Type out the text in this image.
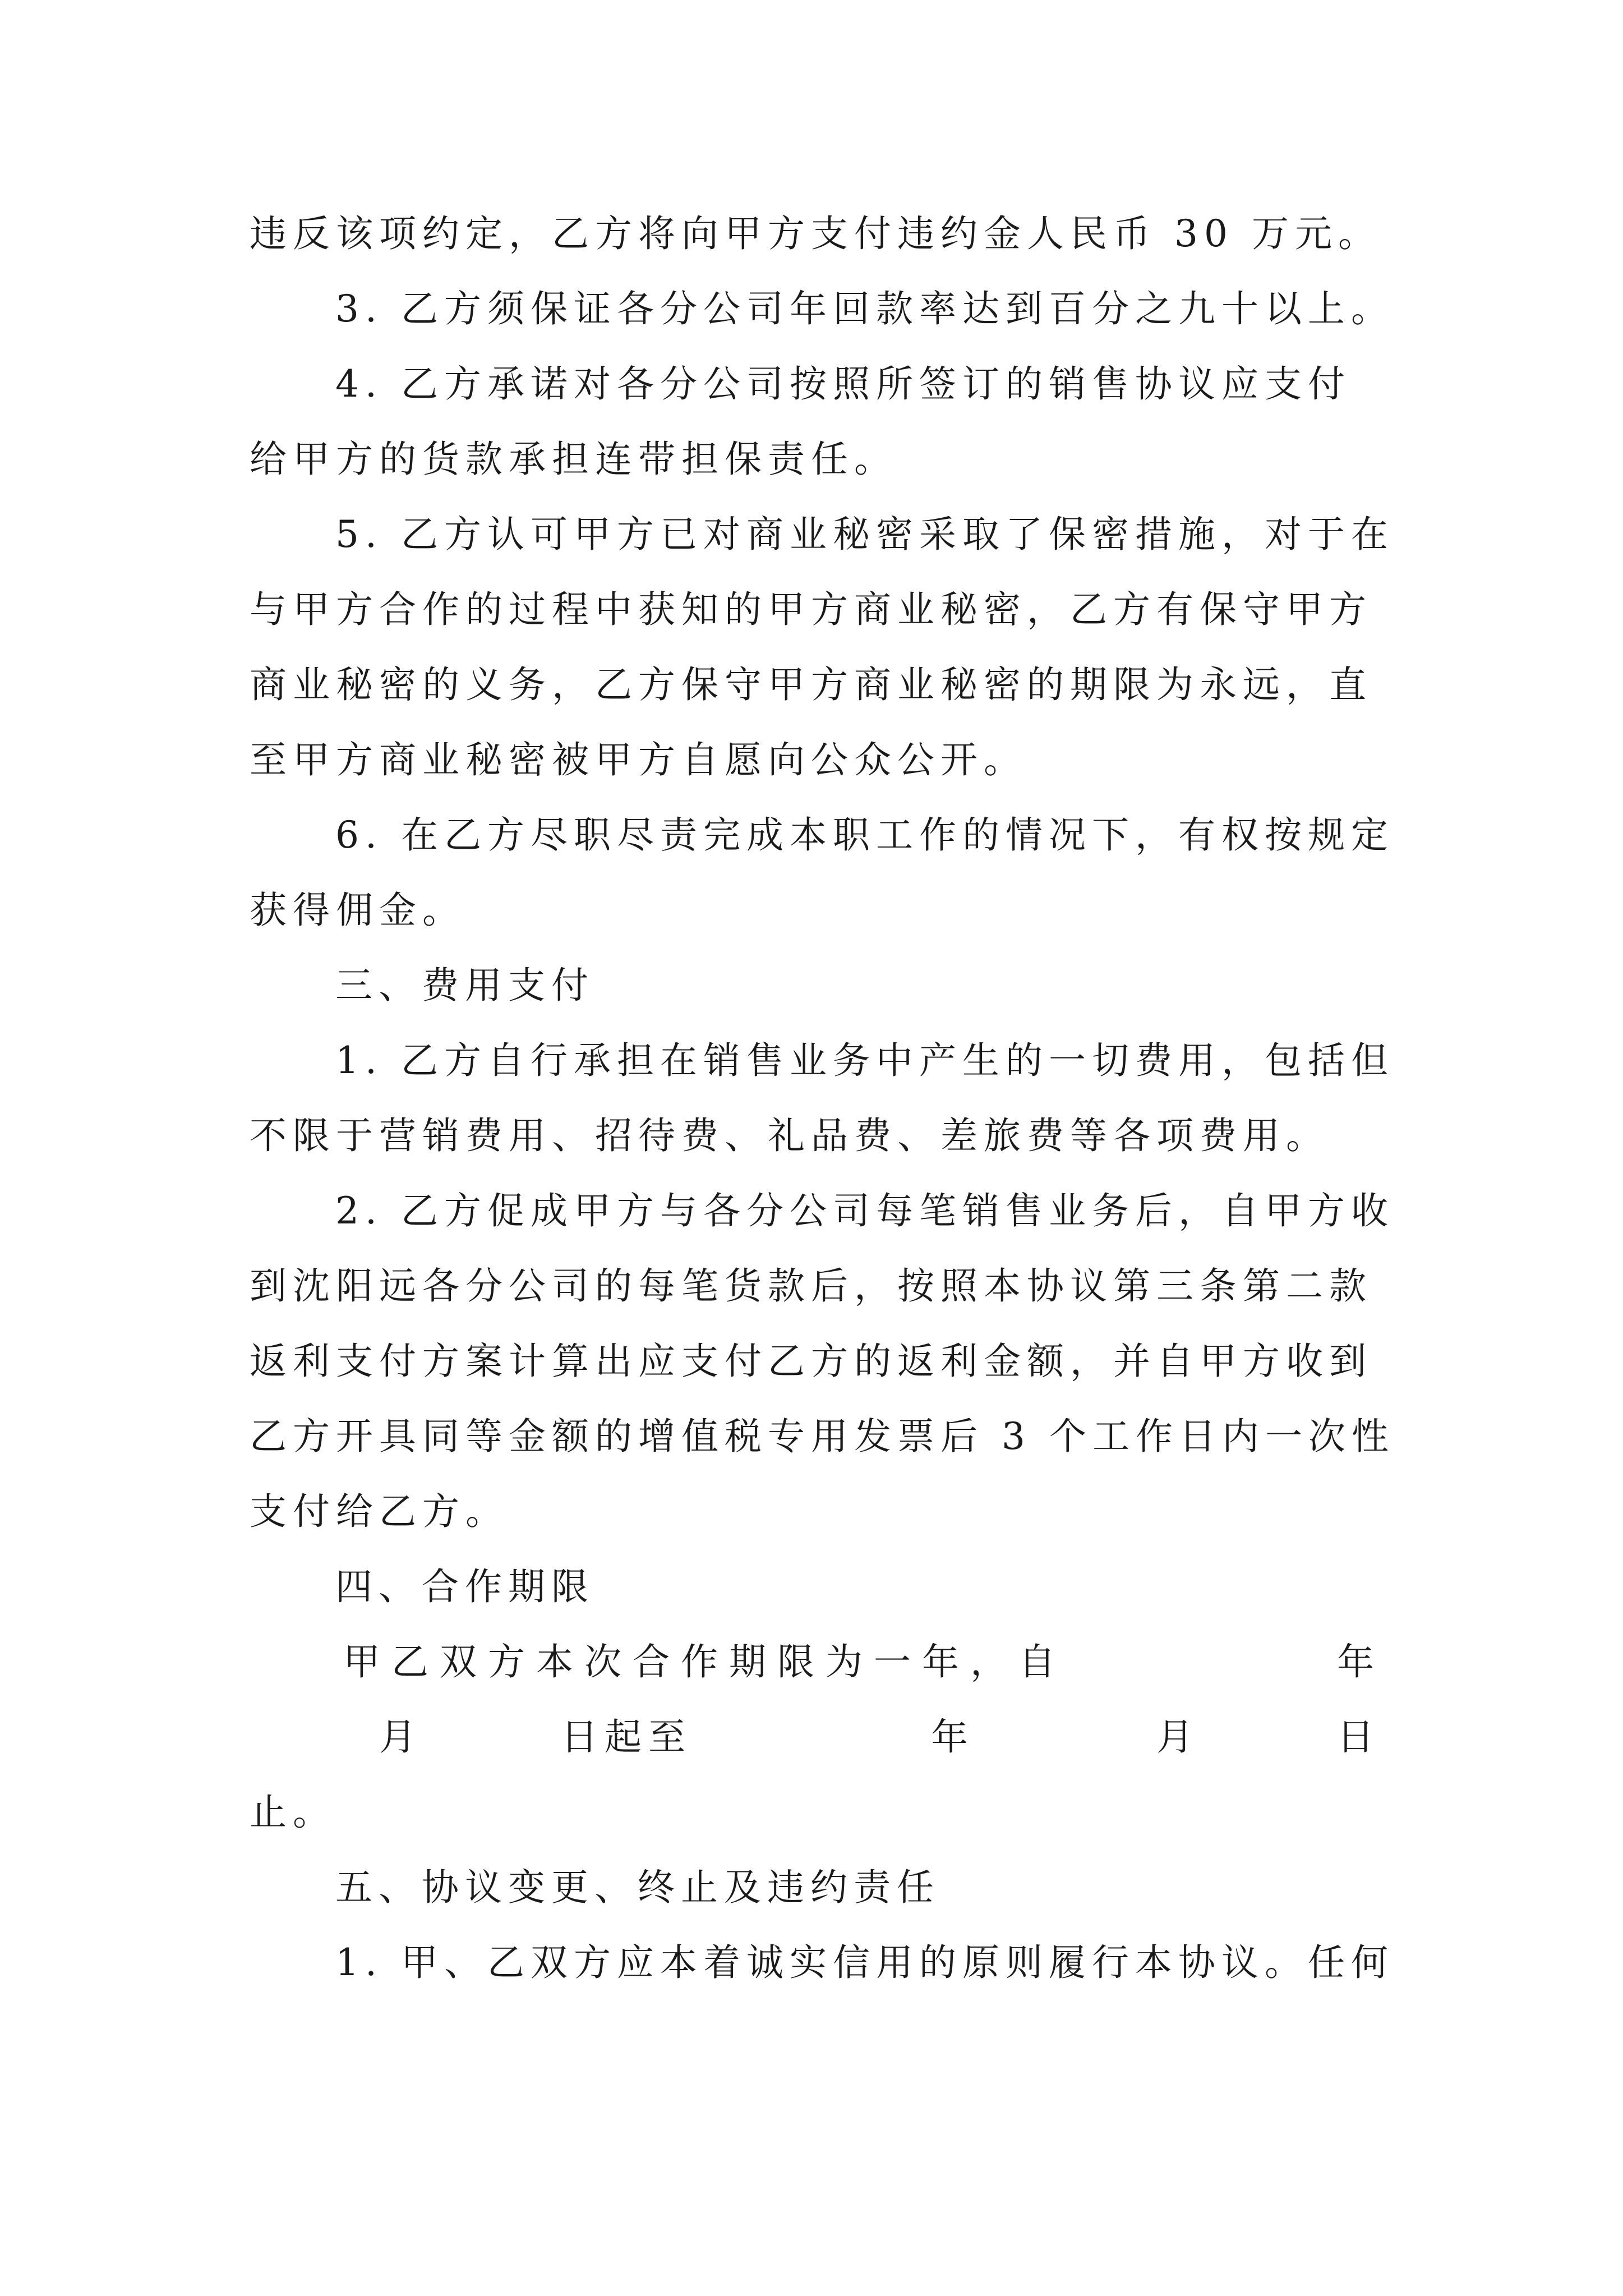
违反该项约定，乙方将向甲方支付违约金人民币 30 万元。
3. 乙方须保证各分公司年回款率达到百分之九十以上。
4. 乙方承诺对各分公司按照所签订的销售协议应支付
给甲方的货款承担连带担保责任。
5. 乙方认可甲方已对商业秘密采取了保密措施，对于在
与甲方合作的过程中获知的甲方商业秘密，乙方有保守甲方
商业秘密的义务，乙方保守甲方商业秘密的期限为永远，直
至甲方商业秘密被甲方自愿向公众公开。
6. 在乙方尽职尽责完成本职工作的情况下，有权按规定
获得佣金。
三、费用支付
1. 乙方自行承担在销售业务中产生的一切费用，包括但
不限于营销费用、招待费、礼品费、差旅费等各项费用。
2. 乙方促成甲方与各分公司每笔销售业务后，自甲方收
到沈阳远各分公司的每笔货款后，按照本协议第三条第二款
返利支付方案计算出应支付乙方的返利金额，并自甲方收到
乙方开具同等金额的增值税专用发票后 3 个工作日内一次性
支付给乙方。
四、合作期限
甲乙双方本次合作期限为一年，自	年
月	日起至	年	月	日
止。
五、协议变更、终止及违约责任
1. 甲、乙双方应本着诚实信用的原则履行本协议。任何
